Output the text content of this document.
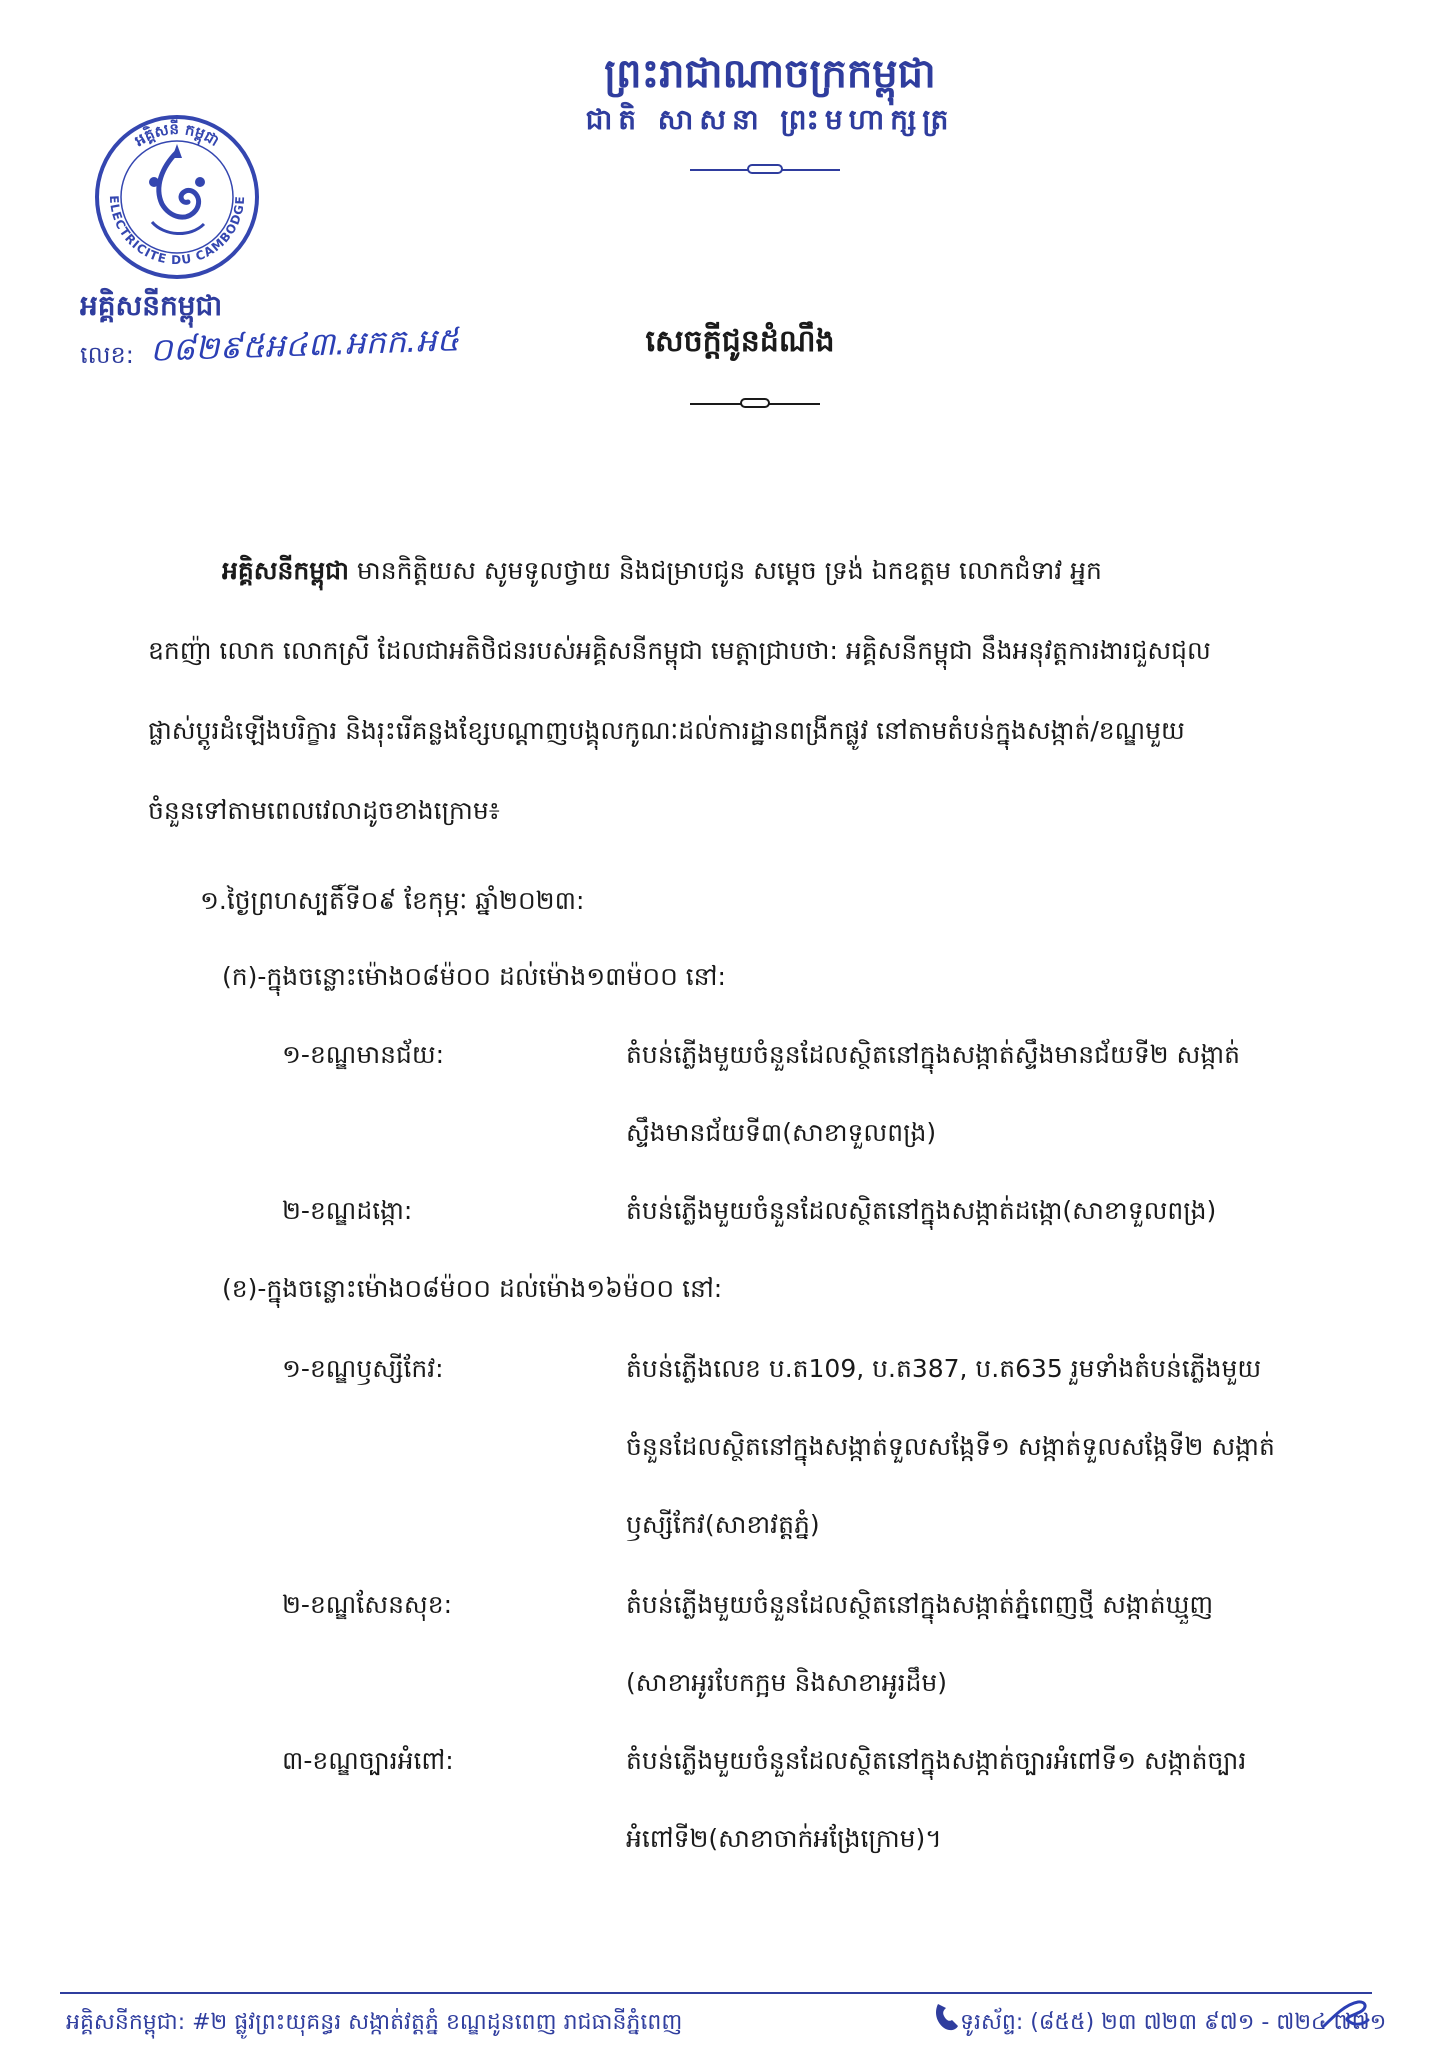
ព្រះរាជាណាចក្រកម្ពុជា
ជាតិ សាសនា ព្រះមហាក្សត្រ
អគ្គិសនី កម្ពុជា
ELECTRICITE DU CAMBODGE
អគ្គិសនីកម្ពុជា
លេខ: ០៨២៩៥អ៤៣.អកក.អ៥	សេចក្តីជូនដំណឹង
អគ្គិសនីកម្ពុជា មានកិត្តិយស សូមទូលថ្វាយ និងជម្រាបជូន សម្តេច ទ្រង់ ឯកឧត្តម លោកជំទាវ អ្នក
ឧកញ៉ា លោក លោកស្រី ដែលជាអតិថិជនរបស់អគ្គិសនីកម្ពុជា មេត្តាជ្រាបថា: អគ្គិសនីកម្ពុជា នឹងអនុវត្តការងារជួសជុល
ផ្លាស់ប្តូរដំឡើងបរិក្ខារ និងរុះរើគន្លងខ្សែបណ្តាញបង្គុលកូណៈដល់ការដ្ឋានពង្រីកផ្លូវ នៅតាមតំបន់ក្នុងសង្កាត់/ខណ្ឌមួយ
ចំនួនទៅតាមពេលវេលាដូចខាងក្រោម៖
១.ថ្ងៃព្រហស្បតិ៍ទី០៩ ខែកុម្ភៈ ឆ្នាំ២០២៣:
(ក)-ក្នុងចន្លោះម៉ោង០៨ម៉០០ ដល់ម៉ោង១៣ម៉០០ នៅ:
១-ខណ្ឌមានជ័យ:	តំបន់ភ្លើងមួយចំនួនដែលស្ថិតនៅក្នុងសង្កាត់ស្ទឹងមានជ័យទី២ សង្កាត់
ស្ទឹងមានជ័យទី៣(សាខាទួលពង្រ)
២-ខណ្ឌដង្កោ:	តំបន់ភ្លើងមួយចំនួនដែលស្ថិតនៅក្នុងសង្កាត់ដង្កោ(សាខាទួលពង្រ)
(ខ)-ក្នុងចន្លោះម៉ោង០៨ម៉០០ ដល់ម៉ោង១៦ម៉០០ នៅ:
១-ខណ្ឌឫស្សីកែវ:	តំបន់ភ្លើងលេខ ប.ត109, ប.ត387, ប.ត635 រួមទាំងតំបន់ភ្លើងមួយ
ចំនួនដែលស្ថិតនៅក្នុងសង្កាត់ទួលសង្កែទី១ សង្កាត់ទួលសង្កែទី២ សង្កាត់
ឫស្សីកែវ(សាខាវត្តភ្នំ)
២-ខណ្ឌសែនសុខ:	តំបន់ភ្លើងមួយចំនួនដែលស្ថិតនៅក្នុងសង្កាត់ភ្នំពេញថ្មី សង្កាត់ឃ្មួញ
(សាខាអូរបែកក្អម និងសាខាអូរដឹម)
៣-ខណ្ឌច្បារអំពៅ:	តំបន់ភ្លើងមួយចំនួនដែលស្ថិតនៅក្នុងសង្កាត់ច្បារអំពៅទី១ សង្កាត់ច្បារ
អំពៅទី២(សាខាចាក់អង្រែក្រោម)។
អគ្គិសនីកម្ពុជា: #២ ផ្លូវព្រះយុគន្ធរ សង្កាត់វត្តភ្នំ ខណ្ឌដូនពេញ រាជធានីភ្នំពេញ	ទូរស័ព្ទ: (៨៥៥) ២៣ ៧២៣ ៩៧១ - ៧២៤ ៧៧១
